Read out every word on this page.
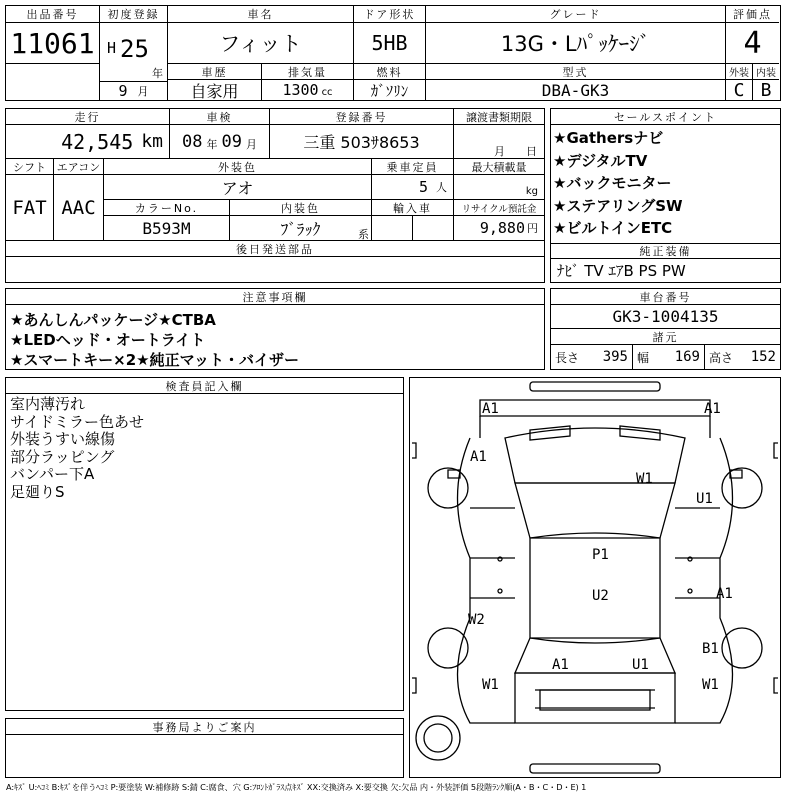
出品番号
11061
初度登録
H 25
年
9 月
車名
フィット
ドア形状
5HB
グレード
13G・Lﾊﾟｯｹｰｼﾞ
評価点
4
車歴
自家用
排気量
1300 cc
燃料
ｶﾞｿﾘﾝ
型式
DBA-GK3
外装 内装
C B
走行
42,545 km
車検
08 年 09 月
登録番号
三重 503ｻ8653
譲渡書類期限
月 日
シフト
FAT
エアコン
AAC
外装色
アオ
乗車定員
5 人
最大積載量
kg
カラーNo.
B593M
内装色
ﾌﾞﾗｯｸ	系
輸入車	リサイクル預託金
9,880 円
後日発送部品
セールスポイント
★Gathersナビ
★デジタルTV
★バックモニター
★ステアリングSW
★ビルトインETC
純正装備
ﾅﾋﾞ TV ｴｱB PS PW
注意事項欄
★あんしんパッケージ★CTBA
★LEDヘッド・オートライト
★スマートキー×2★純正マット・バイザー
車台番号
GK3-1004135
諸元
長さ 395 幅 169 高さ 152
検査員記入欄
室内薄汚れ
サイドミラー色あせ
外装うすい線傷
部分ラッピング
バンパー下A
足廻りS
事務局よりご案内
A1	A1
A1
W1
U1
P1
U2
W2
A1
B1
A1	U1
W1	W1
A:ｷｽﾞ U:ﾍｺﾐ B:ｷｽﾞを伴うﾍｺﾐ P:要塗装 W:補修跡 S:錆 C:腐食、穴 G:ﾌﾛﾝﾄｶﾞﾗｽ点ｷｽﾞ XX:交換済み X:要交換 欠:欠品 内・外装評価 5段階ﾗﾝｸ順(A・B・C・D・E) 1
